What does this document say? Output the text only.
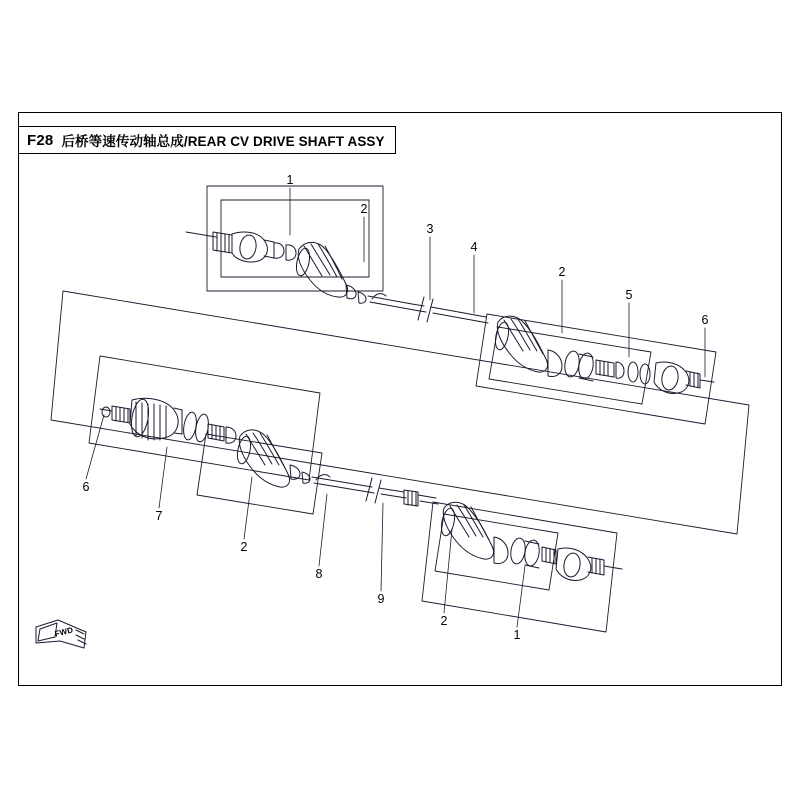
F28 后桥等速传动轴总成/REAR CV DRIVE SHAFT ASSY
1
2
3
4
2
5
6
6
7
2
8
9
2
1
FWD
